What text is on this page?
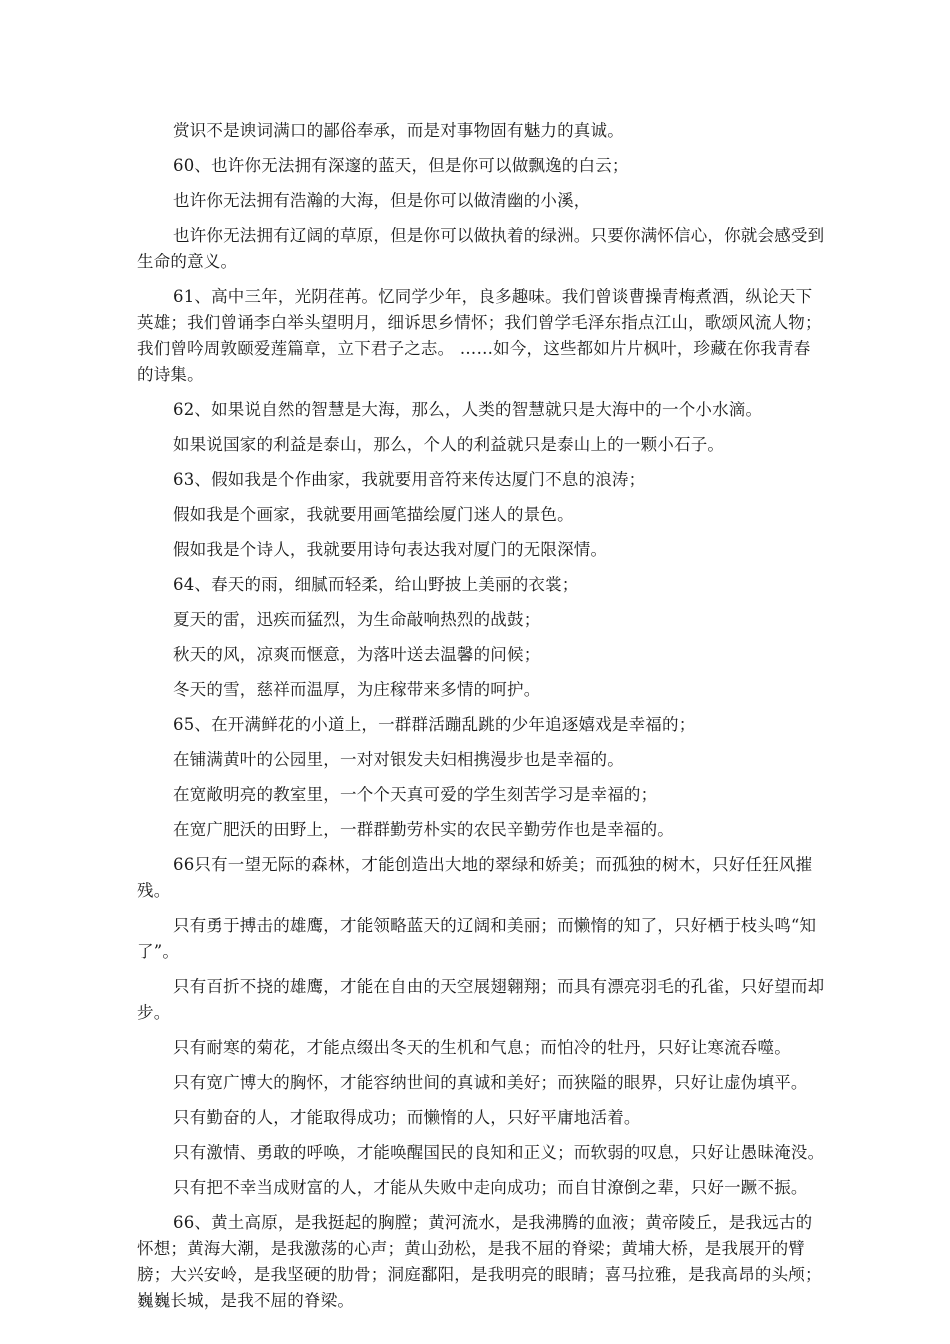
赏识不是谀词满口的鄙俗奉承，而是对事物固有魅力的真诚。

60、也许你无法拥有深邃的蓝天，但是你可以做飘逸的白云；

也许你无法拥有浩瀚的大海，但是你可以做清幽的小溪，

也许你无法拥有辽阔的草原，但是你可以做执着的绿洲。只要你满怀信心，你就会感受到生命的意义。

61、高中三年，光阴荏苒。忆同学少年，良多趣味。我们曾谈曹操青梅煮酒，纵论天下英雄；我们曾诵李白举头望明月，细诉思乡情怀；我们曾学毛泽东指点江山，歌颂风流人物；我们曾吟周敦颐爱莲篇章，立下君子之志。 ……如今，这些都如片片枫叶，珍藏在你我青春的诗集。

62、如果说自然的智慧是大海，那么，人类的智慧就只是大海中的一个小水滴。

如果说国家的利益是泰山，那么，个人的利益就只是泰山上的一颗小石子。

63、假如我是个作曲家，我就要用音符来传达厦门不息的浪涛；

假如我是个画家，我就要用画笔描绘厦门迷人的景色。

假如我是个诗人，我就要用诗句表达我对厦门的无限深情。

64、春天的雨，细腻而轻柔，给山野披上美丽的衣裳；

夏天的雷，迅疾而猛烈，为生命敲响热烈的战鼓；

秋天的风，凉爽而惬意，为落叶送去温馨的问候；

冬天的雪，慈祥而温厚，为庄稼带来多情的呵护。

65、在开满鲜花的小道上，一群群活蹦乱跳的少年追逐嬉戏是幸福的；

在铺满黄叶的公园里，一对对银发夫妇相携漫步也是幸福的。

在宽敞明亮的教室里，一个个天真可爱的学生刻苦学习是幸福的；

在宽广肥沃的田野上，一群群勤劳朴实的农民辛勤劳作也是幸福的。

66只有一望无际的森林，才能创造出大地的翠绿和娇美；而孤独的树木，只好任狂风摧残。

只有勇于搏击的雄鹰，才能领略蓝天的辽阔和美丽；而懒惰的知了，只好栖于枝头鸣“知了”。

只有百折不挠的雄鹰，才能在自由的天空展翅翱翔；而具有漂亮羽毛的孔雀，只好望而却步。

只有耐寒的菊花，才能点缀出冬天的生机和气息；而怕冷的牡丹，只好让寒流吞噬。

只有宽广博大的胸怀，才能容纳世间的真诚和美好；而狭隘的眼界，只好让虚伪填平。

只有勤奋的人，才能取得成功；而懒惰的人，只好平庸地活着。

只有激情、勇敢的呼唤，才能唤醒国民的良知和正义；而软弱的叹息，只好让愚昧淹没。

只有把不幸当成财富的人，才能从失败中走向成功；而自甘潦倒之辈，只好一蹶不振。

66、黄土高原，是我挺起的胸膛；黄河流水，是我沸腾的血液；黄帝陵丘，是我远古的怀想；黄海大潮，是我激荡的心声；黄山劲松，是我不屈的脊梁；黄埔大桥，是我展开的臂膀；大兴安岭，是我坚硬的肋骨；洞庭鄱阳，是我明亮的眼睛；喜马拉雅，是我高昂的头颅；巍巍长城，是我不屈的脊梁。
